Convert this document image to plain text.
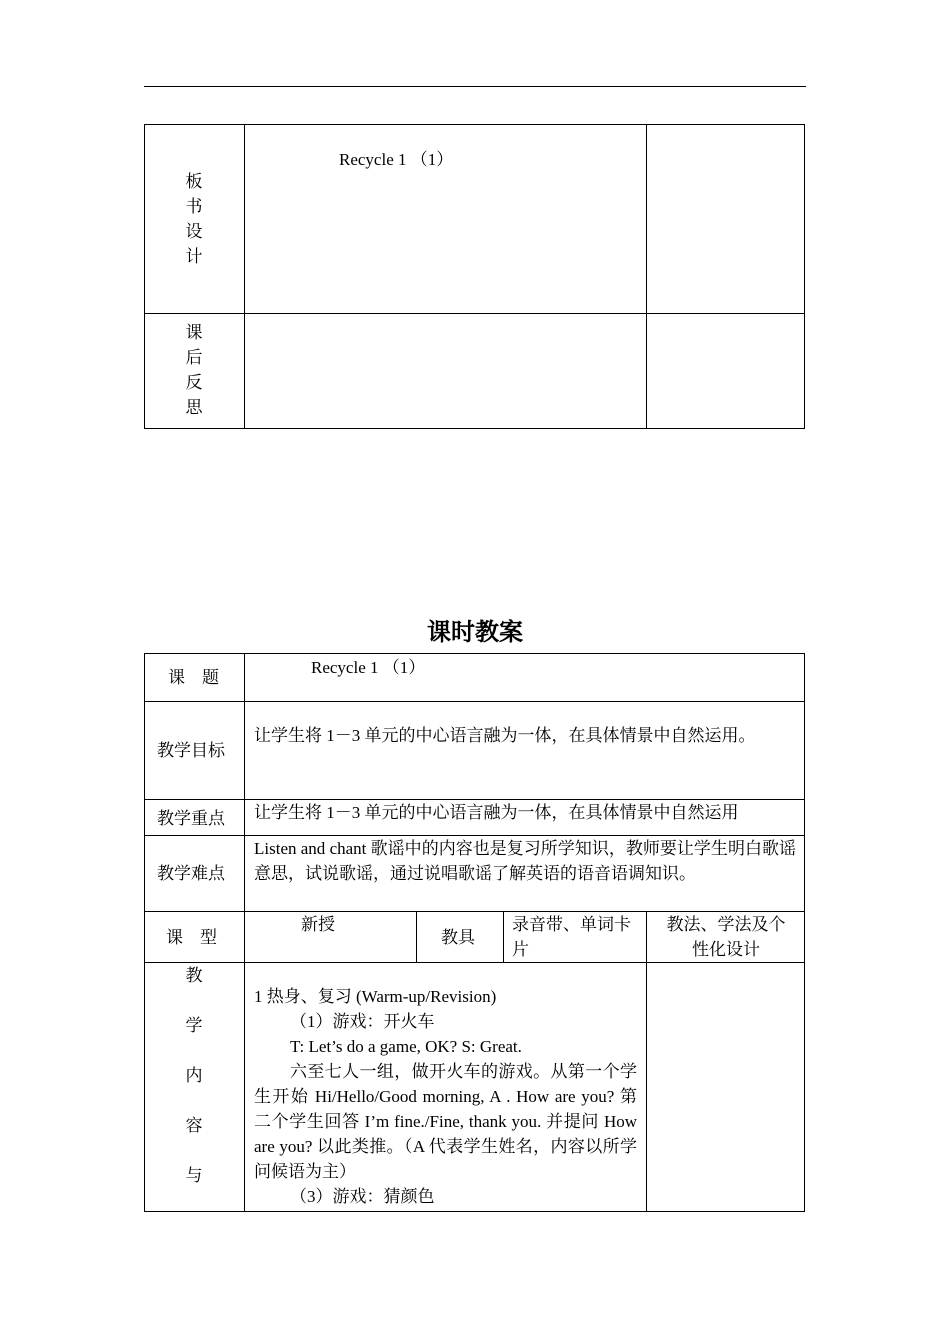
板
书
设
计
Recycle 1 （1）
课
后
反
思
课时教案
课　题
Recycle 1 （1）
教学目标
让学生将 1－3 单元的中心语言融为一体，在具体情景中自然运用。
教学重点 让学生将 1－3 单元的中心语言融为一体，在具体情景中自然运用
教学难点
Listen and chant 歌谣中的内容也是复习所学知识，教师要让学生明白歌谣意思，试说歌谣，通过说唱歌谣了解英语的语音语调知识。
课　型
新授
教具
录音带、单词卡片
教法、学法及个性化设计
教
学
内
容
与
1 热身、复习 (Warm-up/Revision)
（1）游戏：开火车
T: Let’s do a game, OK? S: Great.
六至七人一组，做开火车的游戏。从第一个学生开始 Hi/Hello/Good morning, A . How are you? 第二个学生回答 I’m fine./Fine, thank you. 并提问 How are you? 以此类推。（A 代表学生姓名，内容以所学问候语为主）
（3）游戏：猜颜色
